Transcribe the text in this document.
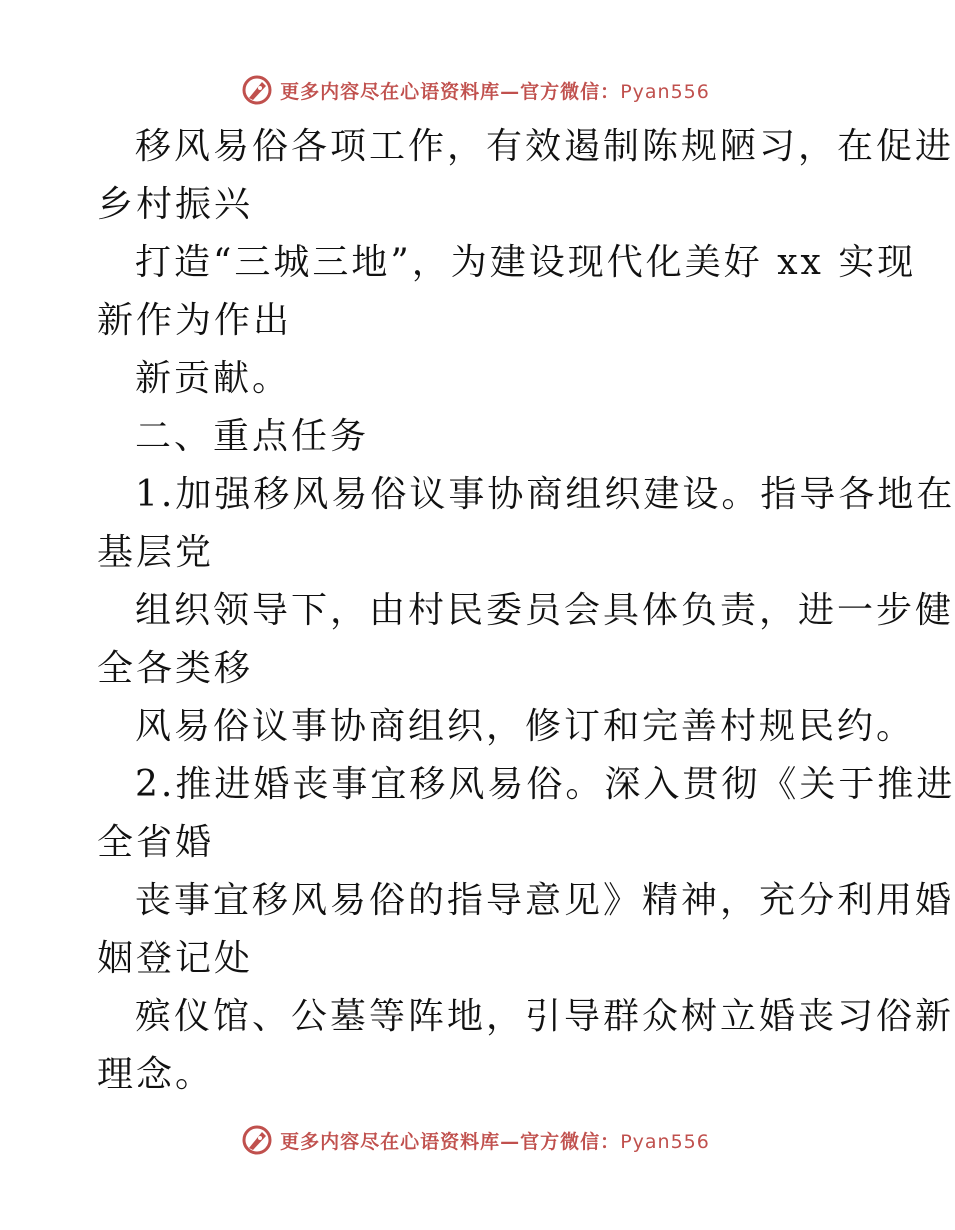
更多内容尽在心语资料库—官方微信：Pyan556
移风易俗各项工作，有效遏制陈规陋习，在促进
乡村振兴
打造“三城三地”，为建设现代化美好 xx 实现
新作为作出
新贡献。
二、重点任务
1.加强移风易俗议事协商组织建设。指导各地在
基层党
组织领导下，由村民委员会具体负责，进一步健
全各类移
风易俗议事协商组织，修订和完善村规民约。
2.推进婚丧事宜移风易俗。深入贯彻《关于推进
全省婚
丧事宜移风易俗的指导意见》精神，充分利用婚
姻登记处
殡仪馆、公墓等阵地，引导群众树立婚丧习俗新
理念。
更多内容尽在心语资料库—官方微信：Pyan556
